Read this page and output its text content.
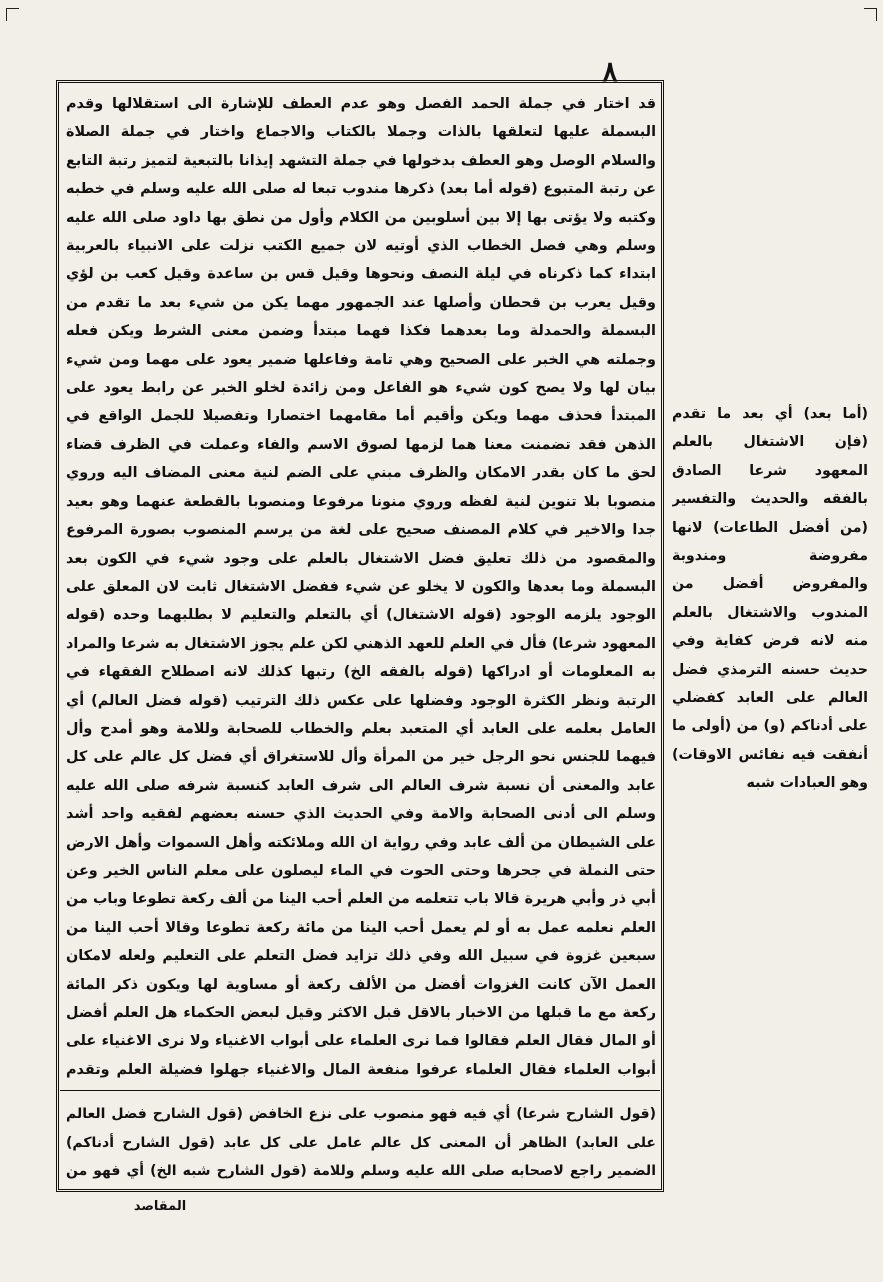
٨

قد اختار في جملة الحمد الفصل وهو عدم العطف للإشارة الى استقلالها وقدم البسملة عليها لتعلقها بالذات وجملا بالكتاب والاجماع واختار في جملة الصلاة والسلام الوصل وهو العطف بدخولها في جملة التشهد إيذانا بالتبعية لتميز رتبة التابع عن رتبة المتبوع (قوله أما بعد) ذكرها مندوب تبعا له صلى الله عليه وسلم في خطبه وكتبه ولا يؤتى بها إلا بين أسلوبين من الكلام وأول من نطق بها داود صلى الله عليه وسلم وهي فصل الخطاب الذي أوتيه لان جميع الكتب نزلت على الانبياء بالعربية ابتداء كما ذكرناه في ليلة النصف ونحوها وقيل قس بن ساعدة وقيل كعب بن لؤي وقيل يعرب بن قحطان وأصلها عند الجمهور مهما يكن من شيء بعد ما تقدم من البسملة والحمدلة وما بعدهما فكذا فهما مبتدأ وضمن معنى الشرط ويكن فعله وجملته هي الخبر على الصحيح وهي تامة وفاعلها ضمير يعود على مهما ومن شيء بيان لها ولا يصح كون شيء هو الفاعل ومن زائدة لخلو الخبر عن رابط يعود على المبتدأ فحذف مهما ويكن وأقيم أما مقامهما اختصارا وتفصيلا للجمل الواقع في الذهن فقد تضمنت معنا هما لزمها لصوق الاسم والفاء وعملت في الظرف قضاء لحق ما كان بقدر الامكان والظرف مبني على الضم لنية معنى المضاف اليه وروي منصوبا بلا تنوين لنية لفظه وروي منونا مرفوعا ومنصوبا بالقطعة عنهما وهو بعيد جدا والاخير في كلام المصنف صحيح على لغة من يرسم المنصوب بصورة المرفوع والمقصود من ذلك تعليق فضل الاشتغال بالعلم على وجود شيء في الكون بعد البسملة وما بعدها والكون لا يخلو عن شيء ففضل الاشتغال ثابت لان المعلق على الوجود يلزمه الوجود (قوله الاشتغال) أي بالتعلم والتعليم لا بطلبهما وحده (قوله المعهود شرعا) فأل في العلم للعهد الذهني لكن علم يجوز الاشتغال به شرعا والمراد به المعلومات أو ادراكها (قوله بالفقه الخ) رتبها كذلك لانه اصطلاح الفقهاء في الرتبة ونظر الكثرة الوجود وفضلها على عكس ذلك الترتيب (قوله فضل العالم) أي العامل بعلمه على العابد أي المتعبد بعلم والخطاب للصحابة وللامة وهو أمدح وأل فيهما للجنس نحو الرجل خير من المرأة وأل للاستغراق أي فضل كل عالم على كل عابد والمعنى أن نسبة شرف العالم الى شرف العابد كنسبة شرفه صلى الله عليه وسلم الى أدنى الصحابة والامة وفي الحديث الذي حسنه بعضهم لفقيه واحد أشد على الشيطان من ألف عابد وفي رواية ان الله وملائكته وأهل السموات وأهل الارض حتى النملة في جحرها وحتى الحوت في الماء ليصلون على معلم الناس الخير وعن أبي ذر وأبي هريرة قالا باب تتعلمه من العلم أحب الينا من ألف ركعة تطوعا وباب من العلم نعلمه عمل به أو لم يعمل أحب الينا من مائة ركعة تطوعا وقالا أحب الينا من سبعين غزوة في سبيل الله وفي ذلك تزايد فضل التعلم على التعليم ولعله لامكان العمل الآن كانت الغزوات أفضل من الألف ركعة أو مساوية لها ويكون ذكر المائة ركعة مع ما قبلها من الاخبار بالاقل قبل الاكثر وقيل لبعض الحكماء هل العلم أفضل أو المال فقال العلم فقالوا فما نرى العلماء على أبواب الاغنياء ولا نرى الاغنياء على أبواب العلماء فقال العلماء عرفوا منفعة المال والاغنياء جهلوا فضيلة العلم وتقدم

(قول الشارح شرعا) أي فيه فهو منصوب على نزع الخافض (قول الشارح فضل العالم على العابد) الظاهر أن المعنى كل عالم عامل على كل عابد (قول الشارح أدناكم) الضمير راجع لاصحابه صلى الله عليه وسلم وللامة (قول الشارح شبه الخ) أي فهو من

(أما بعد) أي بعد ما تقدم (فإن الاشتغال بالعلم المعهود شرعا الصادق بالفقه والحديث والتفسير (من أفضل الطاعات) لانها مفروضة ومندوبة والمفروض أفضل من المندوب والاشتغال بالعلم منه لانه فرض كفاية وفي حديث حسنه الترمذي فضل العالم على العابد كفضلي على أدناكم (و) من (أولى ما أنفقت فيه نفائس الاوقات) وهو العبادات شبه

المقاصد
